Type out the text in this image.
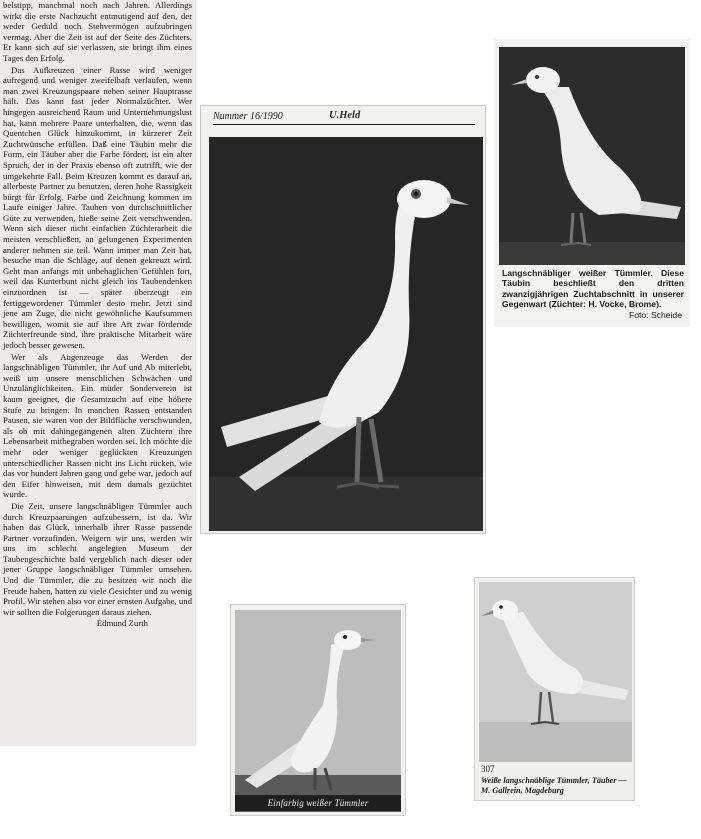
belstipp, manchmal noch nach Jahren. Allerdings wirkt die erste Nachzucht entmutigend auf den, der weder Geduld noch Stehvermögen aufzubringen vermag. Aber die Zeit ist auf der Seite des Züchters. Er kann sich auf sie verlassen, sie bringt ihm eines Tages den Erfolg.

Das Aufkreuzen einer Rasse wird weniger aufregend und weniger zweifelhaft verlaufen, wenn man zwei Kreuzungspaare neben seiner Hauptrasse hält. Das kann fast jeder Normalzüchter. Wer hingegen ausreichend Raum und Unternehmungslust hat, kann mehrere Paare unterhalten, die, wenn das Quentchen Glück hinzukommt, in kürzerer Zeit Zuchtwünsche erfüllen. Daß eine Täubin mehr die Form, ein Täuber aber die Farbe fördert, ist ein alter Spruch, der in der Praxis ebenso oft zutrifft, wie der umgekehrte Fall. Beim Kreuzen kommt es darauf an, allerbeste Partner zu benutzen, deren hohe Rassigkeit bürgt für Erfolg. Farbe und Zeichnung kommen im Laufe einiger Jahre. Tauben von durchschnittlicher Güte zu verwenden, hieße seine Zeit verschwenden. Wenn sich dieser nicht einfachen Züchterarbeit die meisten verschließen, an gelungenen Experimenten anderer nehmen sie teil. Wann immer man Zeit hat, besuche man die Schläge, auf denen gekreuzt wird. Geht man anfangs mit unbehaglichen Gefühlen fort, weil das Kunterbunt nicht gleich ins Taubendenken einzuordnen ist — später überzeugt ein fertiggewordener Tümmler desto mehr. Jetzt sind jene am Zuge, die nicht gewöhnliche Kaufsummen bewilligen, womit sie auf ihre Art zwar fördernde Züchterfreunde sind, ihre praktische Mitarbeit wäre jedoch besser gewesen.

Wer als Augenzeuge das Werden der langschnäbligen Tümmler, ihr Auf und Ab miterlebt, weiß um unsere menschlichen Schwächen und Unzulänglichkeiten. Ein müder Sonderverein ist kaum geeignet, die Gesamtzucht auf eine höhere Stufe zu bringen. In manchen Rassen entstanden Pausen, sie waren von der Bildfläche verschwunden, als ob mit dahingegangenen alten Züchtern ihre Lebensarbeit mitbegraben worden sei. Ich möchte die mehr oder weniger geglückten Kreuzungen unterschiedlicher Rassen nicht ins Licht rücken, wie das vor hundert Jahren gang und gebe war, jedoch auf den Eifer hinweisen, mit dem damals gezüchtet wurde.

Die Zeit, unsere langschnäbligen Tümmler auch durch Kreuzpaarungen aufzubessern, ist da. Wir haben das Glück, innerhalb ihrer Rasse passende Partner vorzufinden. Weigern wir uns, werden wir uns im schlecht angelegten Museum der Taubengeschichte bald vergeblich nach dieser oder jener Gruppe langschnäbliger Tümmler umsehen. Und die Tümmler, die zu besitzen wir noch die Freude haben, hatten zu viele Gesichter und zu wenig Profil. Wir stehen also vor einer ernsten Aufgabe, und wir sollten die Folgerungen daraus ziehen.

Edmund Zurth
Langschnäbliger weißer Tümmler. Diese Täubin beschließt den dritten zwanzigjährigen Zuchtabschnitt in unserer Gegenwart (Züchter: H. Vocke, Brome).
Foto: Scheide
Nummer 16/1990	U.Held
Einfarbig weißer Tümmler
307
Weiße langschnäblige Tümmler, Täuber — M. Gallrein, Magdeburg
